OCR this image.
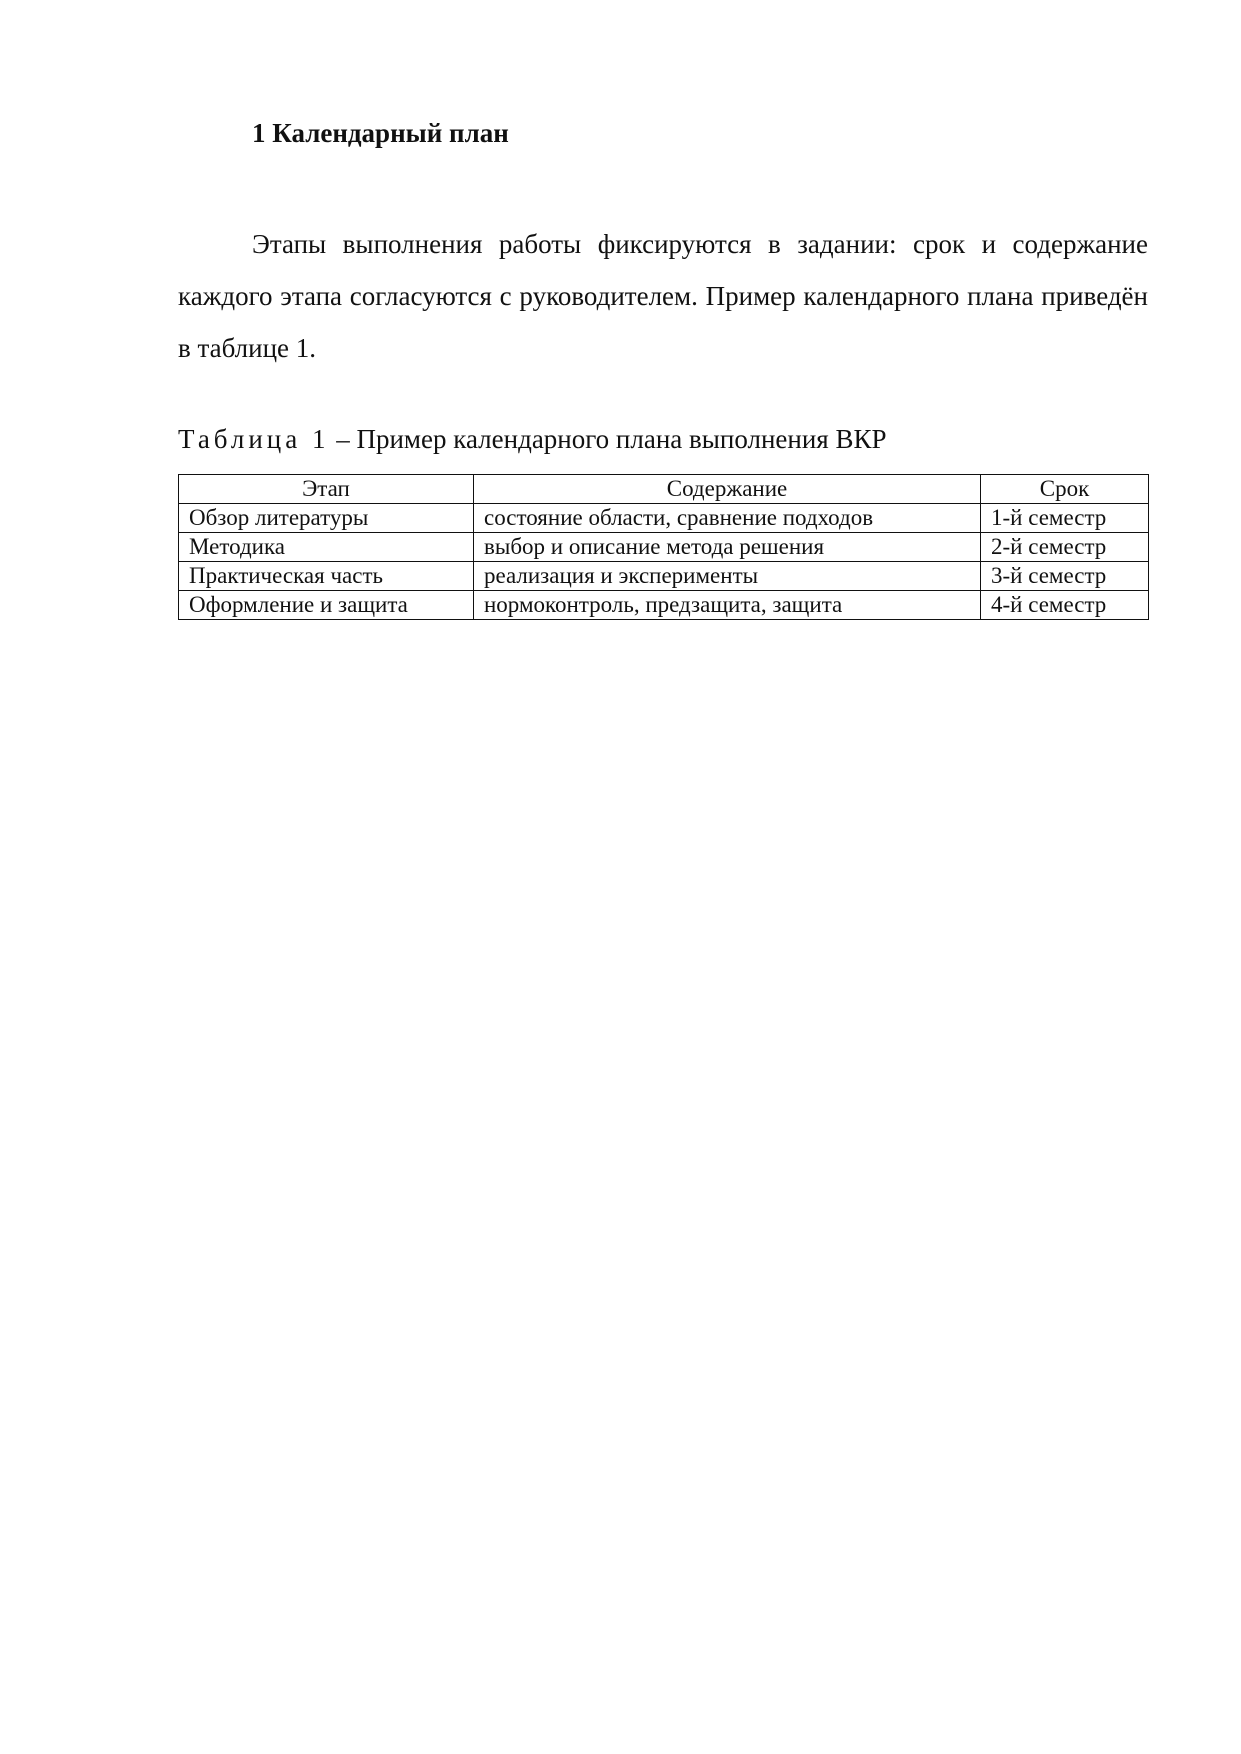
1 Календарный план

Этапы выполнения работы фиксируются в задании: срок и содержание каждого этапа согласуются с руководителем. Пример календарного плана приведён в таблице 1.

Таблица 1 – Пример календарного плана выполнения ВКР
Этап	Содержание	Срок
Обзор литературы	состояние области, сравнение подходов	1-й семестр
Методика	выбор и описание метода решения	2-й семестр
Практическая часть	реализация и эксперименты	3-й семестр
Оформление и защита	нормоконтроль, предзащита, защита	4-й семестр
